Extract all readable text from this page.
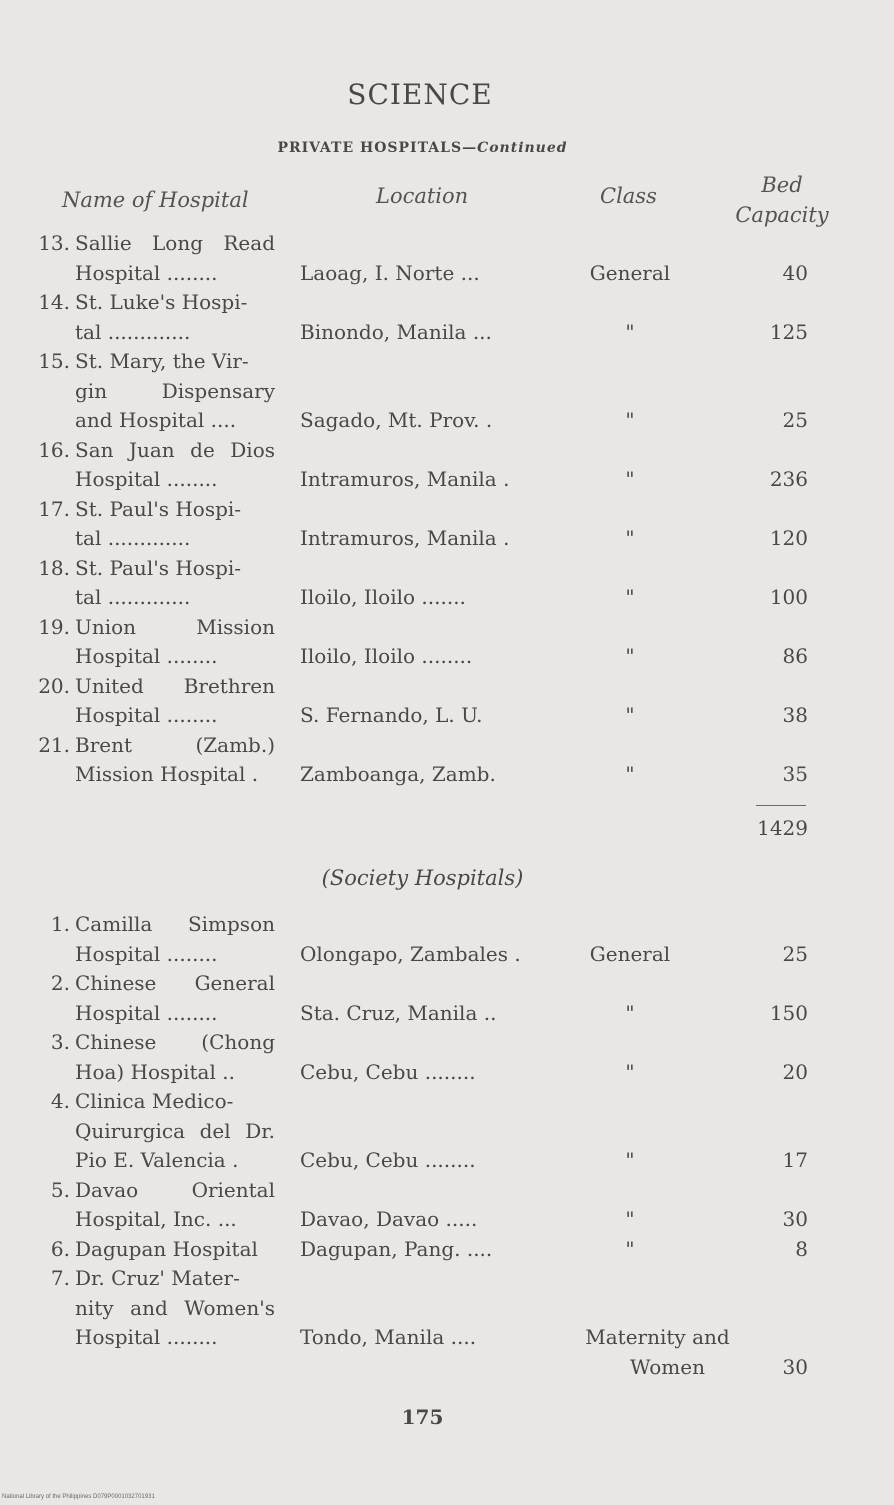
SCIENCE
PRIVATE HOSPITALS—Continued
Name of Hospital	Location	Class	Bed
Capacity
13. Sallie Long Read
Hospital ........	Laoag, I. Norte ...	General	40
14. St. Luke's Hospi-
tal .............	Binondo, Manila ...	"	125
15. St. Mary, the Vir-
gin Dispensary
and Hospital ....	Sagado, Mt. Prov. .	"	25
16. San Juan de Dios
Hospital ........	Intramuros, Manila .	"	236
17. St. Paul's Hospi-
tal .............	Intramuros, Manila .	"	120
18. St. Paul's Hospi-
tal .............	Iloilo, Iloilo .......	"	100
19. Union Mission
Hospital ........	Iloilo, Iloilo ........	"	86
20. United Brethren
Hospital ........	S. Fernando, L. U.	"	38
21. Brent (Zamb.)
Mission Hospital .	Zamboanga, Zamb.	"	35
1429
(Society Hospitals)
1. Camilla Simpson
Hospital ........	Olongapo, Zambales .	General	25
2. Chinese General
Hospital ........	Sta. Cruz, Manila ..	"	150
3. Chinese (Chong
Hoa) Hospital ..	Cebu, Cebu ........	"	20
4. Clinica Medico-
Quirurgica del Dr.
Pio E. Valencia .	Cebu, Cebu ........	"	17
5. Davao Oriental
Hospital, Inc. ...	Davao, Davao .....	"	30
6. Dagupan Hospital	Dagupan, Pang. ....	"	8
7. Dr. Cruz' Mater-
nity and Women's
Hospital ........	Tondo, Manila ....	Maternity and
Women	30
175
National Library of the Philippines D079P0001032701931
